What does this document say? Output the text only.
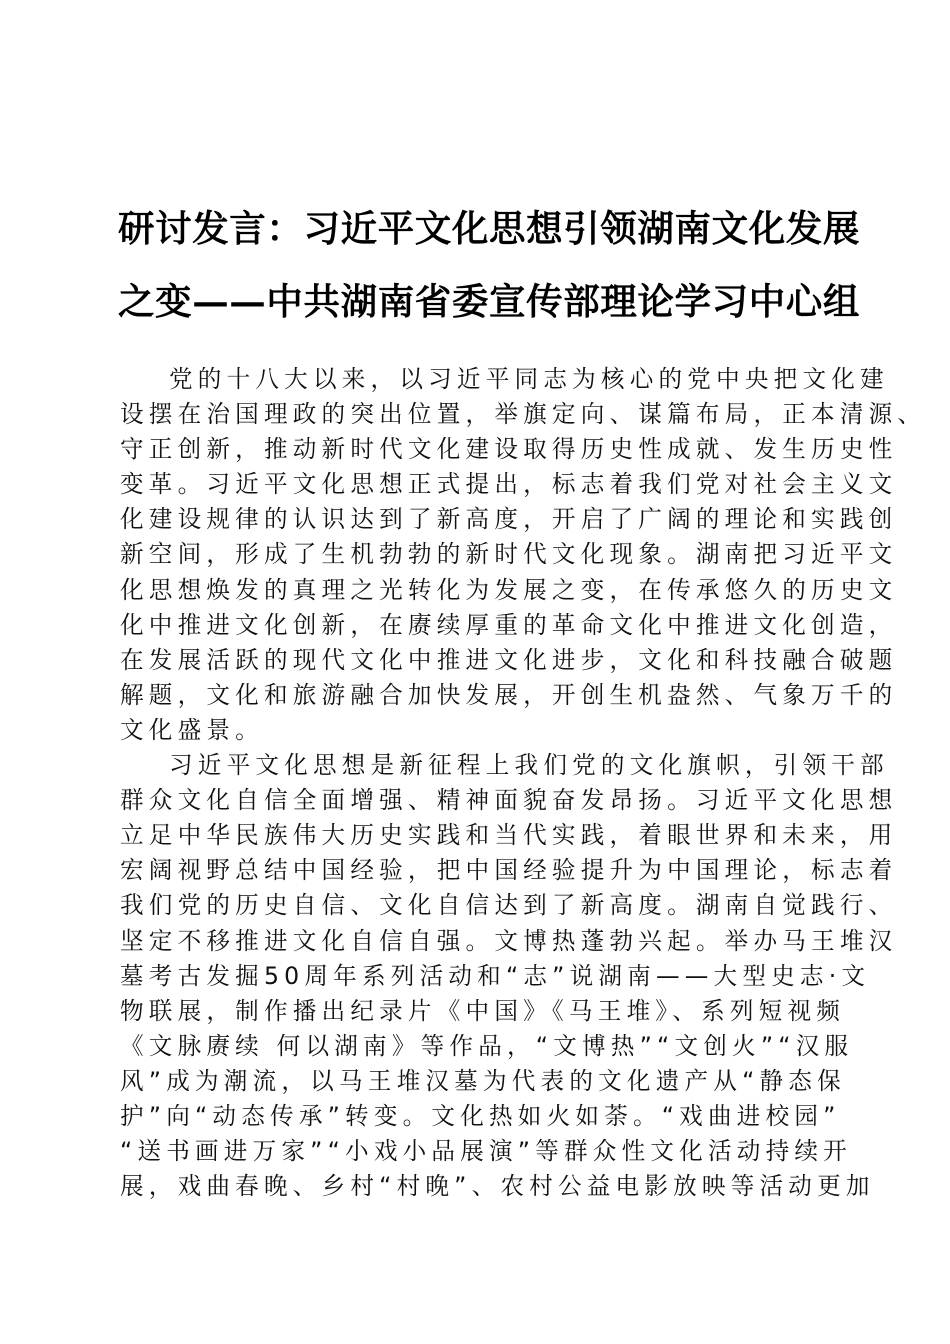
研讨发言：习近平文化思想引领湖南文化发展
之变——中共湖南省委宣传部理论学习中心组
党的十八大以来，以习近平同志为核心的党中央把文化建
设摆在治国理政的突出位置，举旗定向、谋篇布局，正本清源、
守正创新，推动新时代文化建设取得历史性成就、发生历史性
变革。习近平文化思想正式提出，标志着我们党对社会主义文
化建设规律的认识达到了新高度，开启了广阔的理论和实践创
新空间，形成了生机勃勃的新时代文化现象。湖南把习近平文
化思想焕发的真理之光转化为发展之变，在传承悠久的历史文
化中推进文化创新，在赓续厚重的革命文化中推进文化创造，
在发展活跃的现代文化中推进文化进步，文化和科技融合破题
解题，文化和旅游融合加快发展，开创生机盎然、气象万千的
文化盛景。
习近平文化思想是新征程上我们党的文化旗帜，引领干部
群众文化自信全面增强、精神面貌奋发昂扬。习近平文化思想
立足中华民族伟大历史实践和当代实践，着眼世界和未来，用
宏阔视野总结中国经验，把中国经验提升为中国理论，标志着
我们党的历史自信、文化自信达到了新高度。湖南自觉践行、
坚定不移推进文化自信自强。文博热蓬勃兴起。举办马王堆汉
墓考古发掘50周年系列活动和“志”说湖南——大型史志·文
物联展，制作播出纪录片《中国》《马王堆》、系列短视频
《文脉赓续 何以湖南》等作品，“文博热”“文创火”“汉服
风”成为潮流，以马王堆汉墓为代表的文化遗产从“静态保
护”向“动态传承”转变。文化热如火如荼。“戏曲进校园”
“送书画进万家”“小戏小品展演”等群众性文化活动持续开
展，戏曲春晚、乡村“村晚”、农村公益电影放映等活动更加
